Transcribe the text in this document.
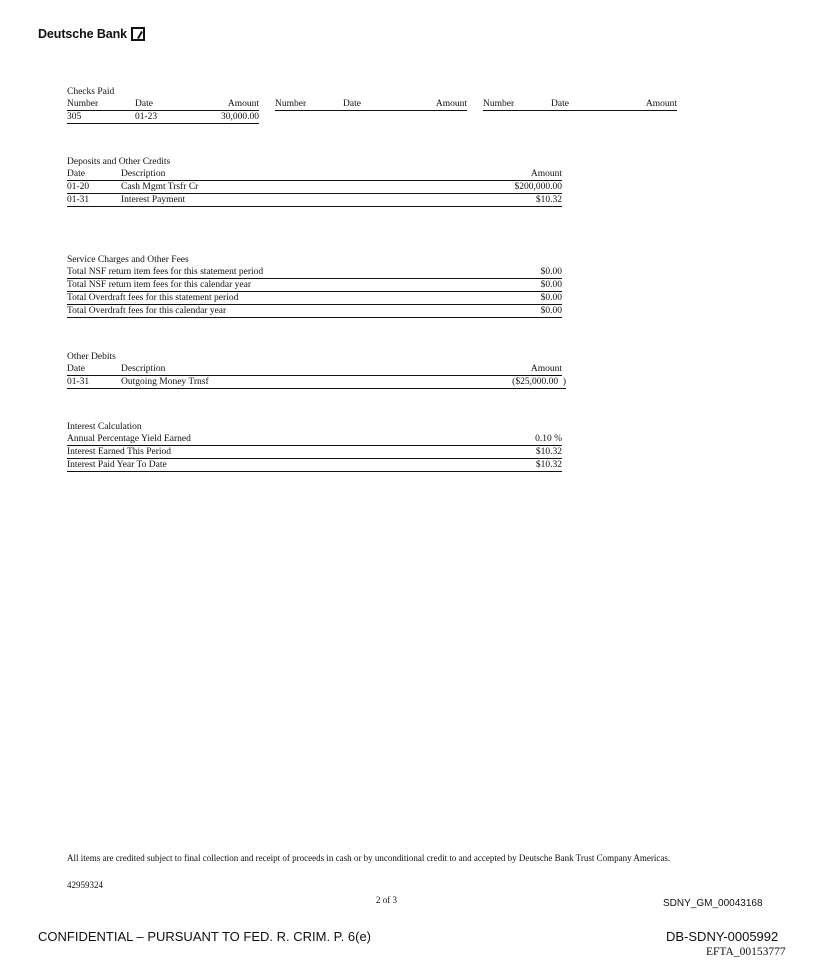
Deutsche Bank
Checks Paid
Number	Date	Amount Number	Date	Amount Number	Date	Amount
305	01-23	30,000.00
Deposits and Other Credits
Date	Description	Amount
01-20	Cash Mgmt Trsfr Cr	$200,000.00
01-31	Interest Payment	$10.32
Service Charges and Other Fees
Total NSF return item fees for this statement period	$0.00
Total NSF return item fees for this calendar year	$0.00
Total Overdraft fees for this statement period	$0.00
Total Overdraft fees for this calendar year	$0.00
Other Debits
Date	Description	Amount
01-31	Outgoing Money Trnsf	($25,000.00  )
Interest Calculation
Annual Percentage Yield Earned	0.10 %
Interest Earned This Period	$10.32
Interest Paid Year To Date	$10.32
All items are credited subject to final collection and receipt of proceeds in cash or by unconditional credit to and accepted by Deutsche Bank Trust Company Americas.
42959324
2 of 3	SDNY_GM_00043168
CONFIDENTIAL – PURSUANT TO FED. R. CRIM. P. 6(e)	DB-SDNY-0005992
EFTA_00153777
